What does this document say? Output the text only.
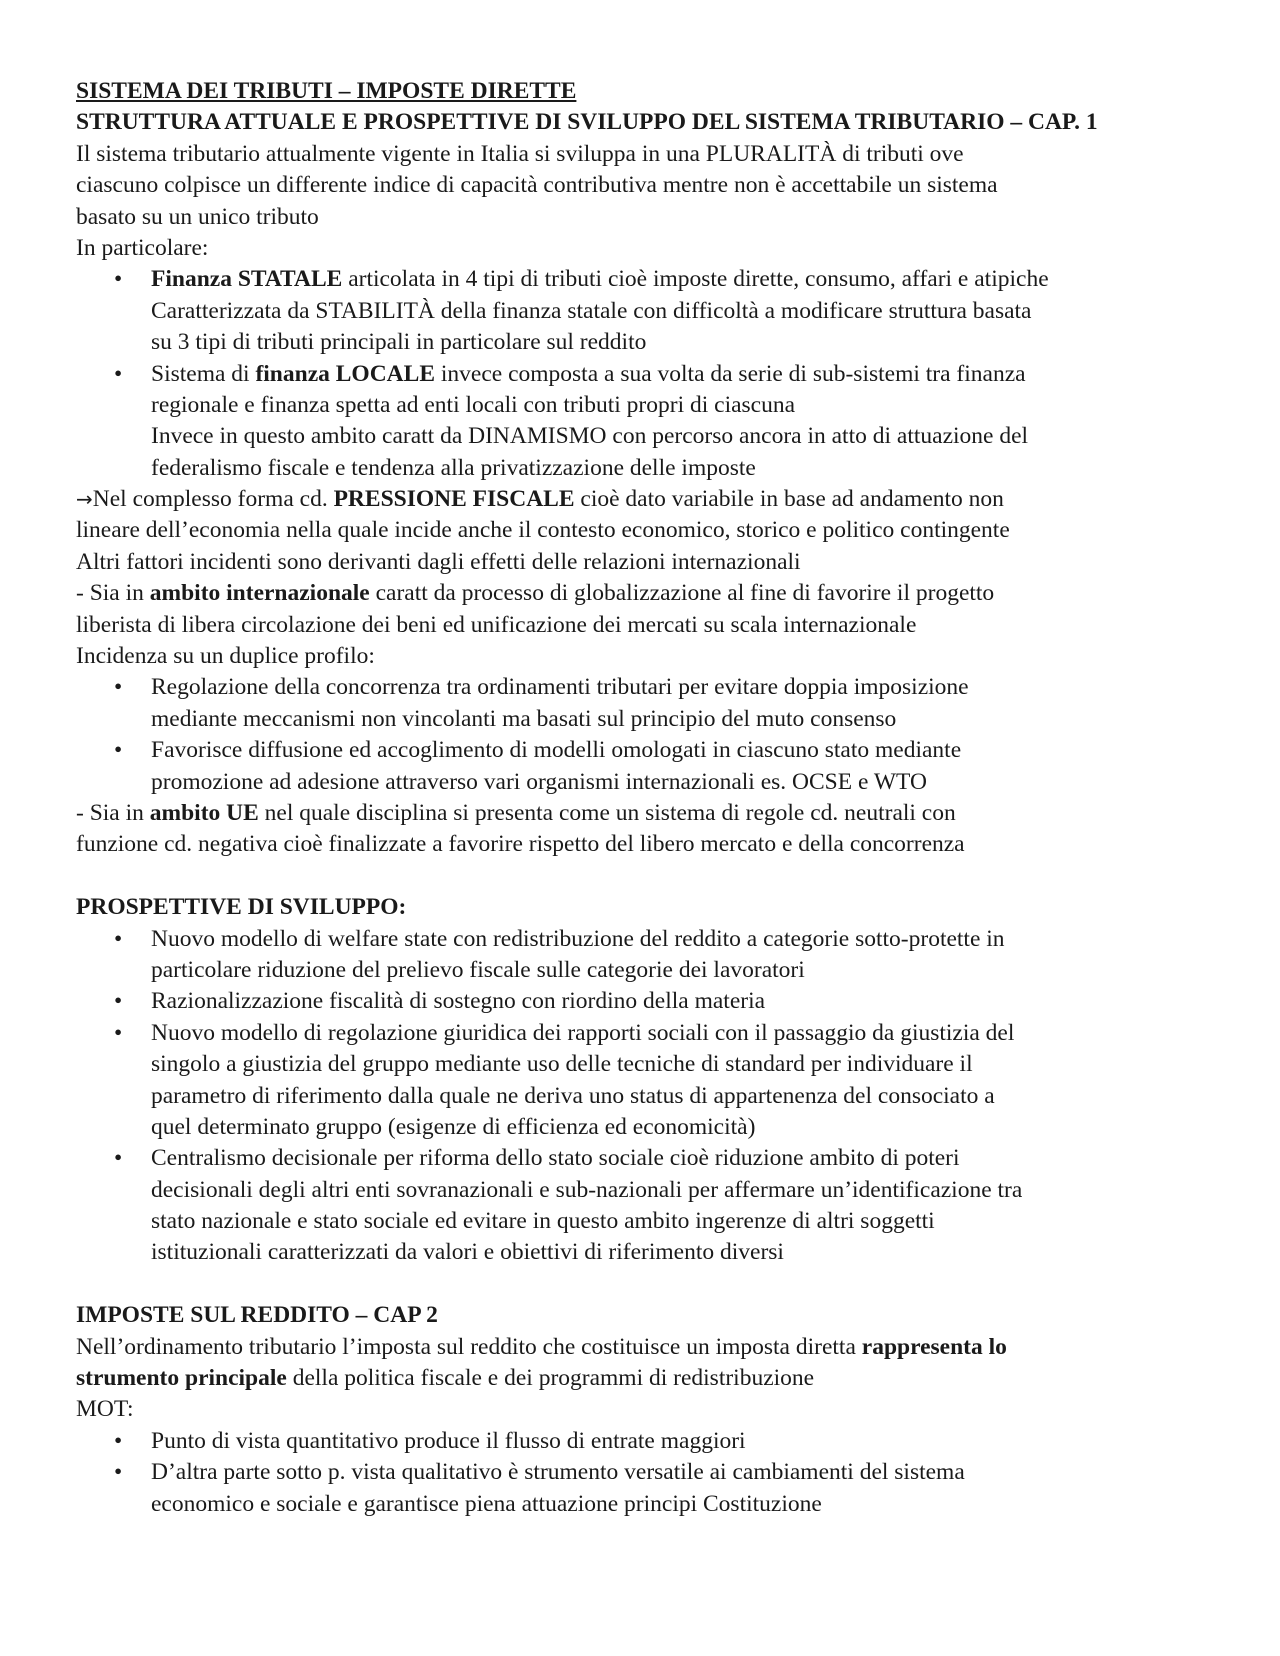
SISTEMA DEI TRIBUTI – IMPOSTE DIRETTE
STRUTTURA ATTUALE E PROSPETTIVE DI SVILUPPO DEL SISTEMA TRIBUTARIO – CAP. 1
Il sistema tributario attualmente vigente in Italia si sviluppa in una PLURALITÀ di tributi ove
ciascuno colpisce un differente indice di capacità contributiva mentre non è accettabile un sistema
basato su un unico tributo
In particolare:
• Finanza STATALE articolata in 4 tipi di tributi cioè imposte dirette, consumo, affari e atipiche
Caratterizzata da STABILITÀ della finanza statale con difficoltà a modificare struttura basata
su 3 tipi di tributi principali in particolare sul reddito
• Sistema di finanza LOCALE invece composta a sua volta da serie di sub-sistemi tra finanza
regionale e finanza spetta ad enti locali con tributi propri di ciascuna
Invece in questo ambito caratt da DINAMISMO con percorso ancora in atto di attuazione del
federalismo fiscale e tendenza alla privatizzazione delle imposte
→Nel complesso forma cd. PRESSIONE FISCALE cioè dato variabile in base ad andamento non
lineare dell’economia nella quale incide anche il contesto economico, storico e politico contingente
Altri fattori incidenti sono derivanti dagli effetti delle relazioni internazionali
- Sia in ambito internazionale caratt da processo di globalizzazione al fine di favorire il progetto
liberista di libera circolazione dei beni ed unificazione dei mercati su scala internazionale
Incidenza su un duplice profilo:
• Regolazione della concorrenza tra ordinamenti tributari per evitare doppia imposizione
mediante meccanismi non vincolanti ma basati sul principio del muto consenso
• Favorisce diffusione ed accoglimento di modelli omologati in ciascuno stato mediante
promozione ad adesione attraverso vari organismi internazionali es. OCSE e WTO
- Sia in ambito UE nel quale disciplina si presenta come un sistema di regole cd. neutrali con
funzione cd. negativa cioè finalizzate a favorire rispetto del libero mercato e della concorrenza
PROSPETTIVE DI SVILUPPO:
• Nuovo modello di welfare state con redistribuzione del reddito a categorie sotto-protette in
particolare riduzione del prelievo fiscale sulle categorie dei lavoratori
• Razionalizzazione fiscalità di sostegno con riordino della materia
• Nuovo modello di regolazione giuridica dei rapporti sociali con il passaggio da giustizia del
singolo a giustizia del gruppo mediante uso delle tecniche di standard per individuare il
parametro di riferimento dalla quale ne deriva uno status di appartenenza del consociato a
quel determinato gruppo (esigenze di efficienza ed economicità)
• Centralismo decisionale per riforma dello stato sociale cioè riduzione ambito di poteri
decisionali degli altri enti sovranazionali e sub-nazionali per affermare un’identificazione tra
stato nazionale e stato sociale ed evitare in questo ambito ingerenze di altri soggetti
istituzionali caratterizzati da valori e obiettivi di riferimento diversi
IMPOSTE SUL REDDITO – CAP 2
Nell’ordinamento tributario l’imposta sul reddito che costituisce un imposta diretta rappresenta lo
strumento principale della politica fiscale e dei programmi di redistribuzione
MOT:
• Punto di vista quantitativo produce il flusso di entrate maggiori
• D’altra parte sotto p. vista qualitativo è strumento versatile ai cambiamenti del sistema
economico e sociale e garantisce piena attuazione principi Costituzione
